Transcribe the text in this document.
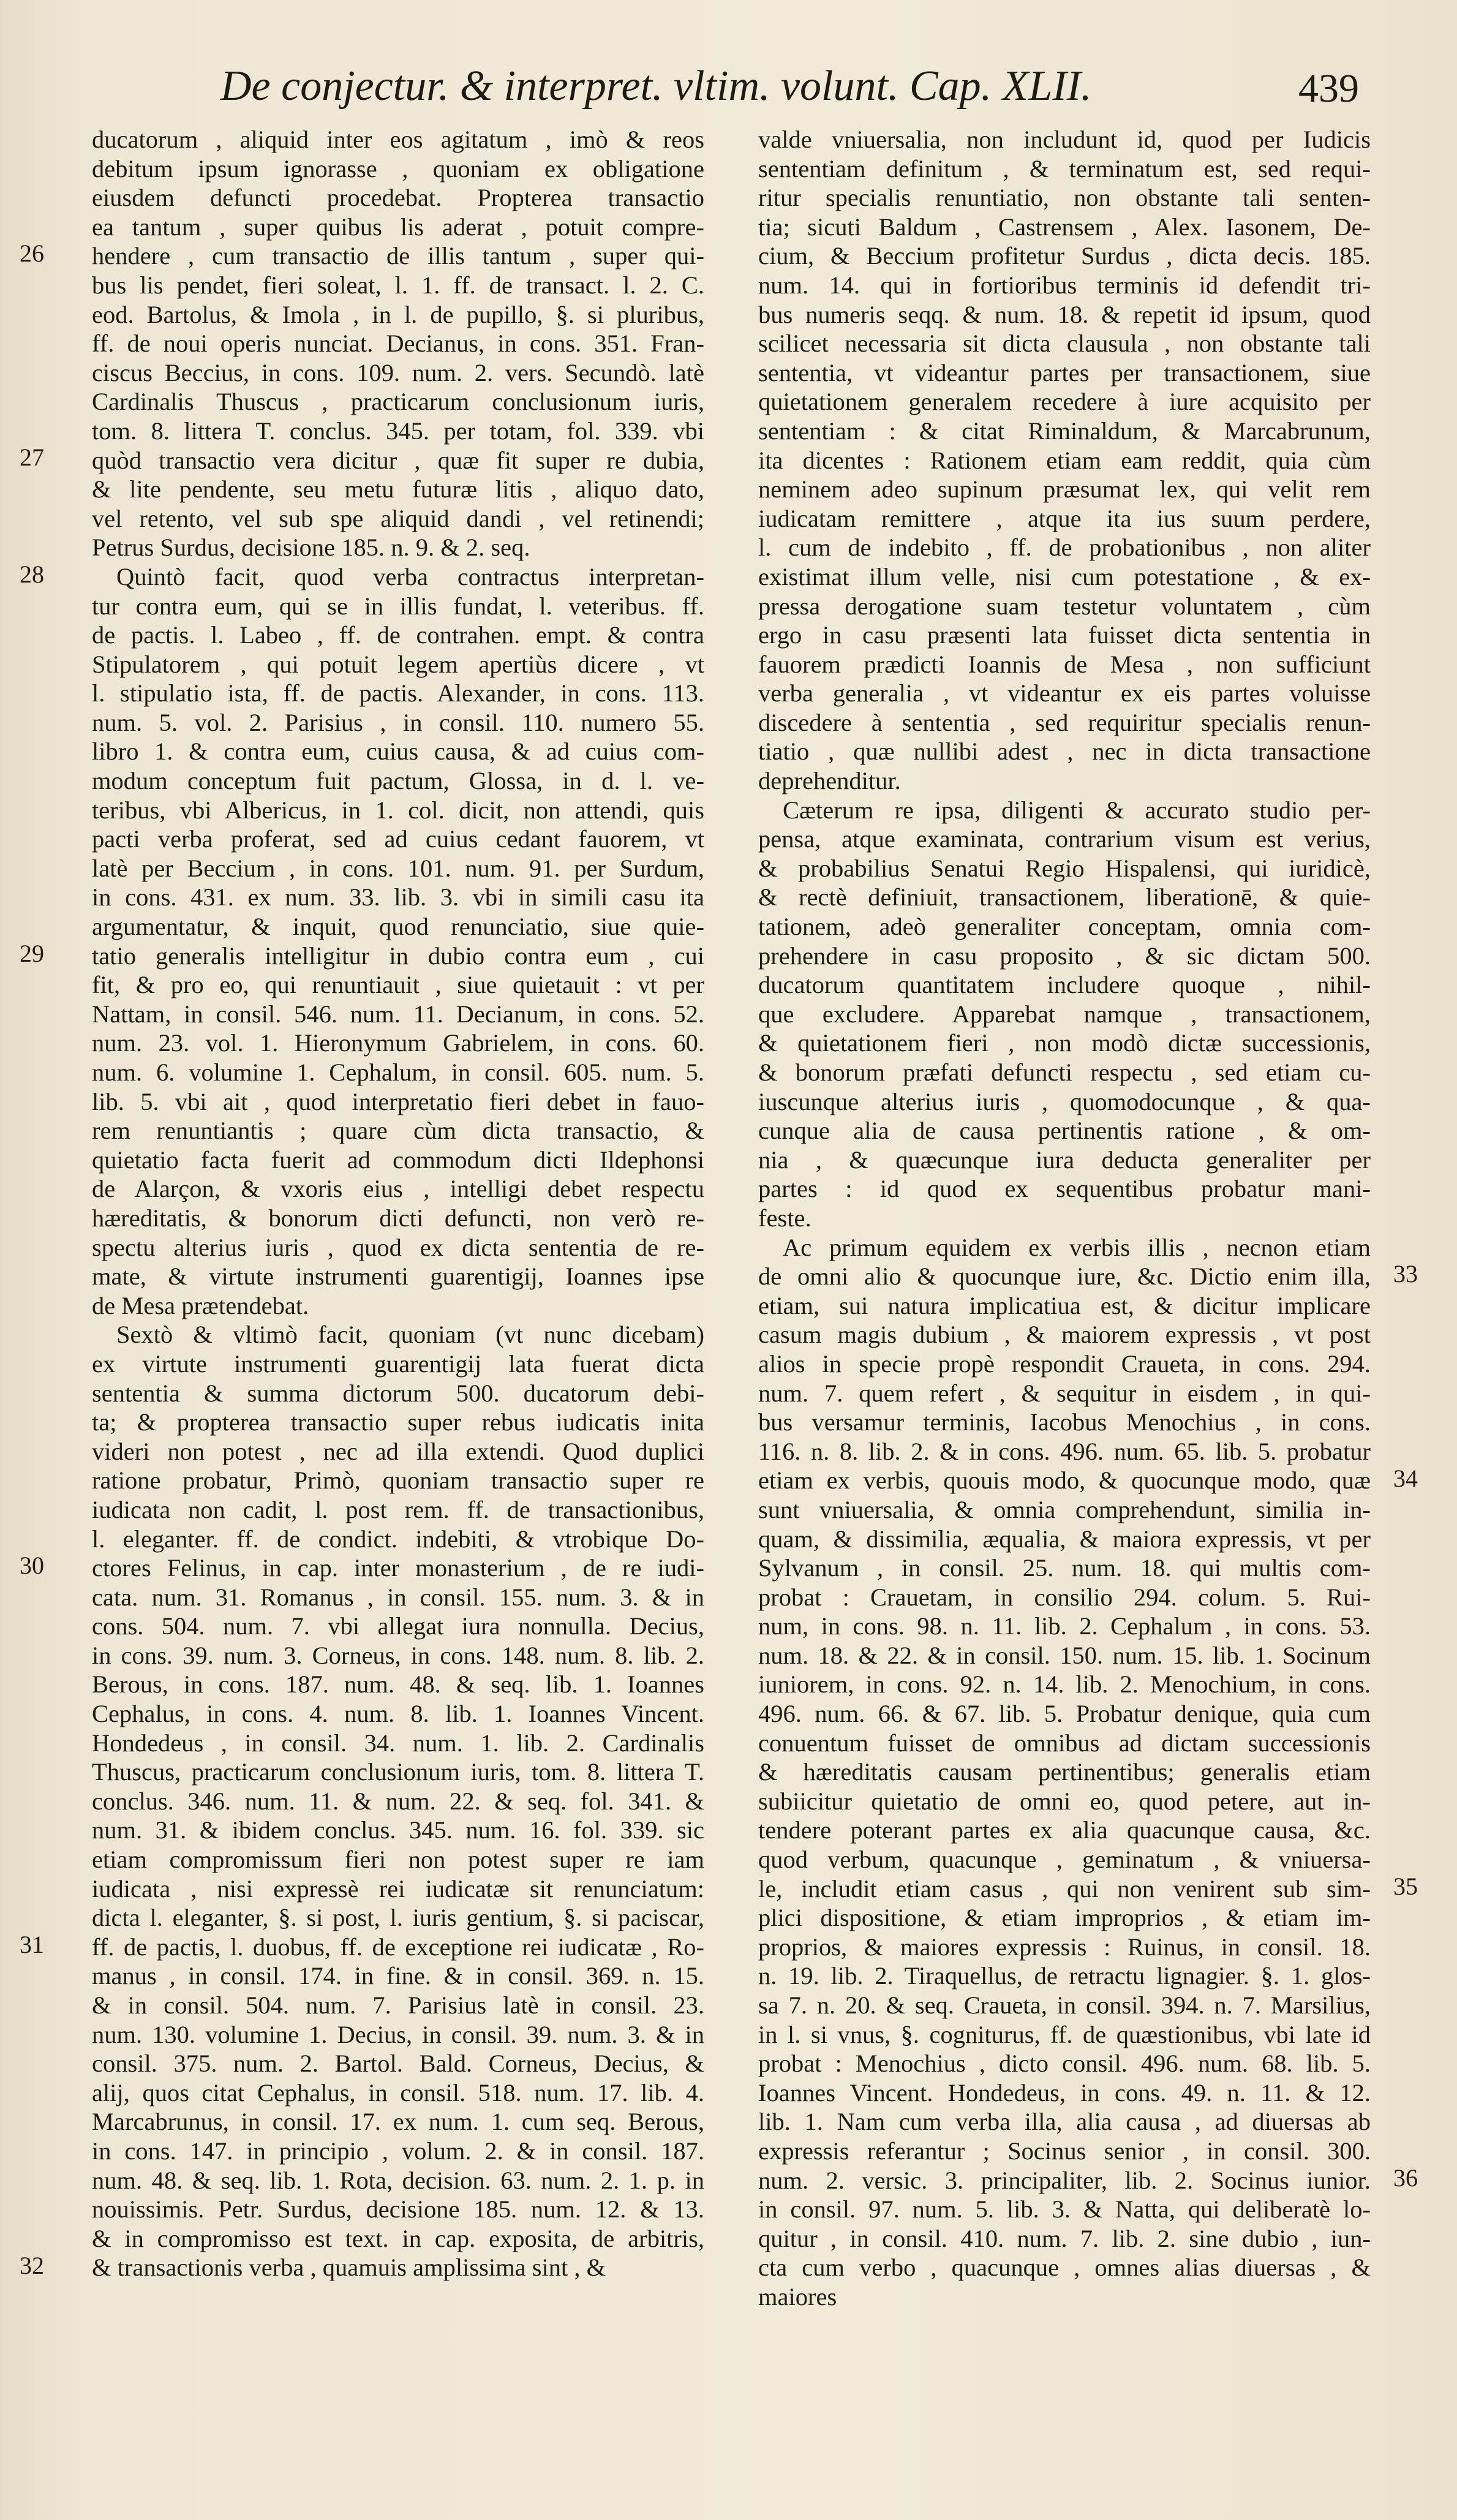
De conjectur. & interpret. vltim. volunt. Cap. XLII.	439
26
27
28
29
30
31
32
33
34
35
36

ducatorum , aliquid inter eos agitatum , imò & reos

debitum ipsum ignorasse , quoniam ex obligatione

eiusdem defuncti procedebat. Propterea transactio

ea tantum , super quibus lis aderat , potuit compre-

hendere , cum transactio de illis tantum , super qui-

bus lis pendet, fieri soleat, l. 1. ff. de transact. l. 2. C.

eod. Bartolus, & Imola , in l. de pupillo, §. si pluribus,

ff. de noui operis nunciat. Decianus, in cons. 351. Fran-

ciscus Beccius, in cons. 109. num. 2. vers. Secundò. latè

Cardinalis Thuscus , practicarum conclusionum iuris,

tom. 8. littera T. conclus. 345. per totam, fol. 339. vbi

quòd transactio vera dicitur , quæ fit super re dubia,

& lite pendente, seu metu futuræ litis , aliquo dato,

vel retento, vel sub spe aliquid dandi , vel retinendi;

Petrus Surdus, decisione 185. n. 9. & 2. seq.

Quintò facit, quod verba contractus interpretan-

tur contra eum, qui se in illis fundat, l. veteribus. ff.

de pactis. l. Labeo , ff. de contrahen. empt. & contra

Stipulatorem , qui potuit legem apertiùs dicere , vt

l. stipulatio ista, ff. de pactis. Alexander, in cons. 113.

num. 5. vol. 2. Parisius , in consil. 110. numero 55.

libro 1. & contra eum, cuius causa, & ad cuius com-

modum conceptum fuit pactum, Glossa, in d. l. ve-

teribus, vbi Albericus, in 1. col. dicit, non attendi, quis

pacti verba proferat, sed ad cuius cedant fauorem, vt

latè per Beccium , in cons. 101. num. 91. per Surdum,

in cons. 431. ex num. 33. lib. 3. vbi in simili casu ita

argumentatur, & inquit, quod renunciatio, siue quie-

tatio generalis intelligitur in dubio contra eum , cui

fit, & pro eo, qui renuntiauit , siue quietauit : vt per

Nattam, in consil. 546. num. 11. Decianum, in cons. 52.

num. 23. vol. 1. Hieronymum Gabrielem, in cons. 60.

num. 6. volumine 1. Cephalum, in consil. 605. num. 5.

lib. 5. vbi ait , quod interpretatio fieri debet in fauo-

rem renuntiantis ; quare cùm dicta transactio, &

quietatio facta fuerit ad commodum dicti Ildephonsi

de Alarçon, & vxoris eius , intelligi debet respectu

hæreditatis, & bonorum dicti defuncti, non verò re-

spectu alterius iuris , quod ex dicta sententia de re-

mate, & virtute instrumenti guarentigij, Ioannes ipse

de Mesa prætendebat.

Sextò & vltimò facit, quoniam (vt nunc dicebam)

ex virtute instrumenti guarentigij lata fuerat dicta

sententia & summa dictorum 500. ducatorum debi-

ta; & propterea transactio super rebus iudicatis inita

videri non potest , nec ad illa extendi. Quod duplici

ratione probatur, Primò, quoniam transactio super re

iudicata non cadit, l. post rem. ff. de transactionibus,

l. eleganter. ff. de condict. indebiti, & vtrobique Do-

ctores Felinus, in cap. inter monasterium , de re iudi-

cata. num. 31. Romanus , in consil. 155. num. 3. & in

cons. 504. num. 7. vbi allegat iura nonnulla. Decius,

in cons. 39. num. 3. Corneus, in cons. 148. num. 8. lib. 2.

Berous, in cons. 187. num. 48. & seq. lib. 1. Ioannes

Cephalus, in cons. 4. num. 8. lib. 1. Ioannes Vincent.

Hondedeus , in consil. 34. num. 1. lib. 2. Cardinalis

Thuscus, practicarum conclusionum iuris, tom. 8. littera T.

conclus. 346. num. 11. & num. 22. & seq. fol. 341. &

num. 31. & ibidem conclus. 345. num. 16. fol. 339. sic

etiam compromissum fieri non potest super re iam

iudicata , nisi expressè rei iudicatæ sit renunciatum:

dicta l. eleganter, §. si post, l. iuris gentium, §. si paciscar,

ff. de pactis, l. duobus, ff. de exceptione rei iudicatæ , Ro-

manus , in consil. 174. in fine. & in consil. 369. n. 15.

& in consil. 504. num. 7. Parisius latè in consil. 23.

num. 130. volumine 1. Decius, in consil. 39. num. 3. & in

consil. 375. num. 2. Bartol. Bald. Corneus, Decius, &

alij, quos citat Cephalus, in consil. 518. num. 17. lib. 4.

Marcabrunus, in consil. 17. ex num. 1. cum seq. Berous,

in cons. 147. in principio , volum. 2. & in consil. 187.

num. 48. & seq. lib. 1. Rota, decision. 63. num. 2. 1. p. in

nouissimis. Petr. Surdus, decisione 185. num. 12. & 13.

& in compromisso est text. in cap. exposita, de arbitris,

& transactionis verba , quamuis amplissima sint , &

valde vniuersalia, non includunt id, quod per Iudicis

sententiam definitum , & terminatum est, sed requi-

ritur specialis renuntiatio, non obstante tali senten-

tia; sicuti Baldum , Castrensem , Alex. Iasonem, De-

cium, & Beccium profitetur Surdus , dicta decis. 185.

num. 14. qui in fortioribus terminis id defendit tri-

bus numeris seqq. & num. 18. & repetit id ipsum, quod

scilicet necessaria sit dicta clausula , non obstante tali

sententia, vt videantur partes per transactionem, siue

quietationem generalem recedere à iure acquisito per

sententiam : & citat Riminaldum, & Marcabrunum,

ita dicentes : Rationem etiam eam reddit, quia cùm

neminem adeo supinum præsumat lex, qui velit rem

iudicatam remittere , atque ita ius suum perdere,

l. cum de indebito , ff. de probationibus , non aliter

existimat illum velle, nisi cum potestatione , & ex-

pressa derogatione suam testetur voluntatem , cùm

ergo in casu præsenti lata fuisset dicta sententia in

fauorem prædicti Ioannis de Mesa , non sufficiunt

verba generalia , vt videantur ex eis partes voluisse

discedere à sententia , sed requiritur specialis renun-

tiatio , quæ nullibi adest , nec in dicta transactione

deprehenditur.

Cæterum re ipsa, diligenti & accurato studio per-

pensa, atque examinata, contrarium visum est verius,

& probabilius Senatui Regio Hispalensi, qui iuridicè,

& rectè definiuit, transactionem, liberationē, & quie-

tationem, adeò generaliter conceptam, omnia com-

prehendere in casu proposito , & sic dictam 500.

ducatorum quantitatem includere quoque , nihil-

que excludere. Apparebat namque , transactionem,

& quietationem fieri , non modò dictæ successionis,

& bonorum præfati defuncti respectu , sed etiam cu-

iuscunque alterius iuris , quomodocunque , & qua-

cunque alia de causa pertinentis ratione , & om-

nia , & quæcunque iura deducta generaliter per

partes : id quod ex sequentibus probatur mani-

feste.

Ac primum equidem ex verbis illis , necnon etiam

de omni alio & quocunque iure, &c. Dictio enim illa,

etiam, sui natura implicatiua est, & dicitur implicare

casum magis dubium , & maiorem expressis , vt post

alios in specie propè respondit Craueta, in cons. 294.

num. 7. quem refert , & sequitur in eisdem , in qui-

bus versamur terminis, Iacobus Menochius , in cons.

116. n. 8. lib. 2. & in cons. 496. num. 65. lib. 5. probatur

etiam ex verbis, quouis modo, & quocunque modo, quæ

sunt vniuersalia, & omnia comprehendunt, similia in-

quam, & dissimilia, æqualia, & maiora expressis, vt per

Sylvanum , in consil. 25. num. 18. qui multis com-

probat : Crauetam, in consilio 294. colum. 5. Rui-

num, in cons. 98. n. 11. lib. 2. Cephalum , in cons. 53.

num. 18. & 22. & in consil. 150. num. 15. lib. 1. Socinum

iuniorem, in cons. 92. n. 14. lib. 2. Menochium, in cons.

496. num. 66. & 67. lib. 5. Probatur denique, quia cum

conuentum fuisset de omnibus ad dictam successionis

& hæreditatis causam pertinentibus; generalis etiam

subiicitur quietatio de omni eo, quod petere, aut in-

tendere poterant partes ex alia quacunque causa, &c.

quod verbum, quacunque , geminatum , & vniuersa-

le, includit etiam casus , qui non venirent sub sim-

plici dispositione, & etiam improprios , & etiam im-

proprios, & maiores expressis : Ruinus, in consil. 18.

n. 19. lib. 2. Tiraquellus, de retractu lignagier. §. 1. glos-

sa 7. n. 20. & seq. Craueta, in consil. 394. n. 7. Marsilius,

in l. si vnus, §. cogniturus, ff. de quæstionibus, vbi late id

probat : Menochius , dicto consil. 496. num. 68. lib. 5.

Ioannes Vincent. Hondedeus, in cons. 49. n. 11. & 12.

lib. 1. Nam cum verba illa, alia causa , ad diuersas ab

expressis referantur ; Socinus senior , in consil. 300.

num. 2. versic. 3. principaliter, lib. 2. Socinus iunior.

in consil. 97. num. 5. lib. 3. & Natta, qui deliberatè lo-

quitur , in consil. 410. num. 7. lib. 2. sine dubio , iun-

cta cum verbo , quacunque , omnes alias diuersas , &

maiores
